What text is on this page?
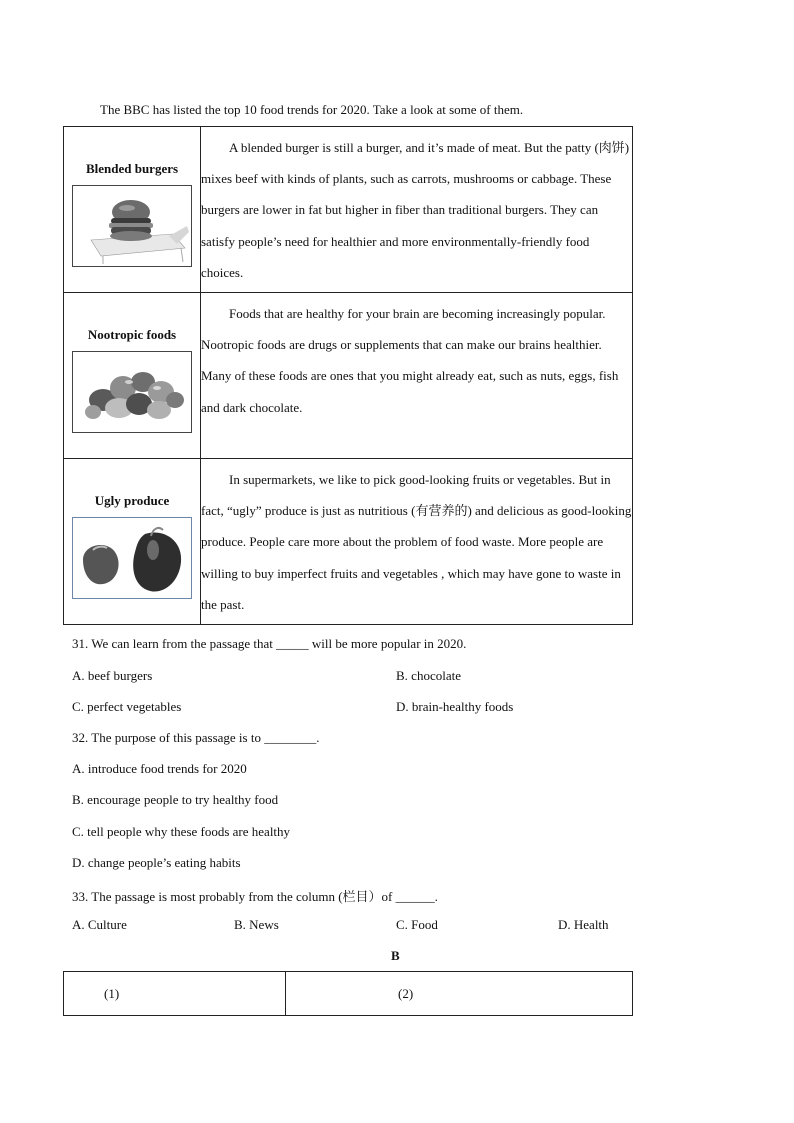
The BBC has listed the top 10 food trends for 2020. Take a look at some of them.
Blended burgers	A blended burger is still a burger, and it’s made of meat. But the patty (肉饼) mixes beef with kinds of plants, such as carrots, mushrooms or cabbage. These burgers are lower in fat but higher in fiber than traditional burgers. They can satisfy people’s need for healthier and more environmentally-friendly food choices.

Nootropic foods	Foods that are healthy for your brain are becoming increasingly popular. Nootropic foods are drugs or supplements that can make our brains healthier. Many of these foods are ones that you might already eat, such as nuts, eggs, fish and dark chocolate.

Ugly produce	In supermarkets, we like to pick good-looking fruits or vegetables. But in fact, “ugly” produce is just as nutritious (有营养的) and delicious as good-looking produce. People care more about the problem of food waste. More people are willing to buy imperfect fruits and vegetables , which may have gone to waste in the past.
31. We can learn from the passage that _____ will be more popular in 2020.
A. beef burgers	B. chocolate
C. perfect vegetables	D. brain-healthy foods
32. The purpose of this passage is to ________.
A. introduce food trends for 2020
B. encourage people to try healthy food
C. tell people why these foods are healthy
D. change people’s eating habits
33. The passage is most probably from the column (栏目）of ______.
A. Culture	B. News	C. Food	D. Health
B
(1)	(2)
